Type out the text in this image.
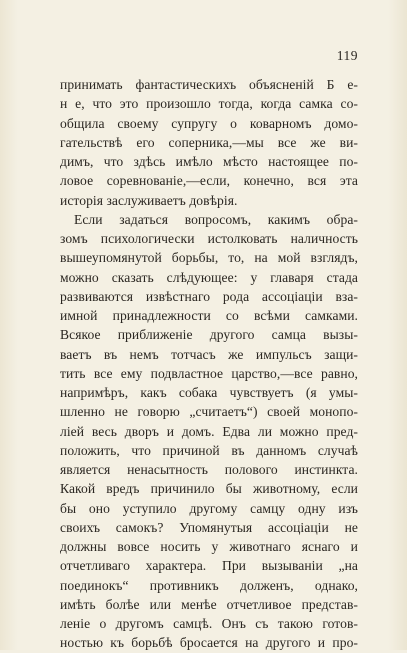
119
принимать фантастическихъ объясненій Б е-
н е, что это произошло тогда, когда самка со-
общила своему супругу о коварномъ домо-
гательствѣ его соперника,—мы все же ви-
димъ, что здѣсь имѣло мѣсто настоящее по-
ловое соревнованіе,—если, конечно, вся эта
исторія заслуживаетъ довѣрія.
Если задаться вопросомъ, какимъ обра-
зомъ психологически истолковать наличность
вышеупомянутой борьбы, то, на мой взглядъ,
можно сказать слѣдующее: у главаря стада
развиваются извѣстнаго рода ассоціаціи вза-
имной принадлежности со всѣми самками.
Всякое приближеніе другого самца вызы-
ваетъ въ немъ тотчасъ же импульсъ защи-
тить все ему подвластное царство,—все равно,
напримѣръ, какъ собака чувствуетъ (я умы-
шленно не говорю „считаетъ“) своей монопо-
ліей весь дворъ и домъ. Едва ли можно пред-
положить, что причиной въ данномъ случаѣ
является ненасытность полового инстинкта.
Какой вредъ причинило бы животному, если
бы оно уступило другому самцу одну изъ
своихъ самокъ? Упомянутыя ассоціаціи не
должны вовсе носить у животнаго яснаго и
отчетливаго характера. При вызываніи „на
поединокъ“ противникъ долженъ, однако,
имѣть болѣе или менѣе отчетливое представ-
леніе о другомъ самцѣ. Онъ съ такою готов-
ностью къ борьбѣ бросается на другого и про-
